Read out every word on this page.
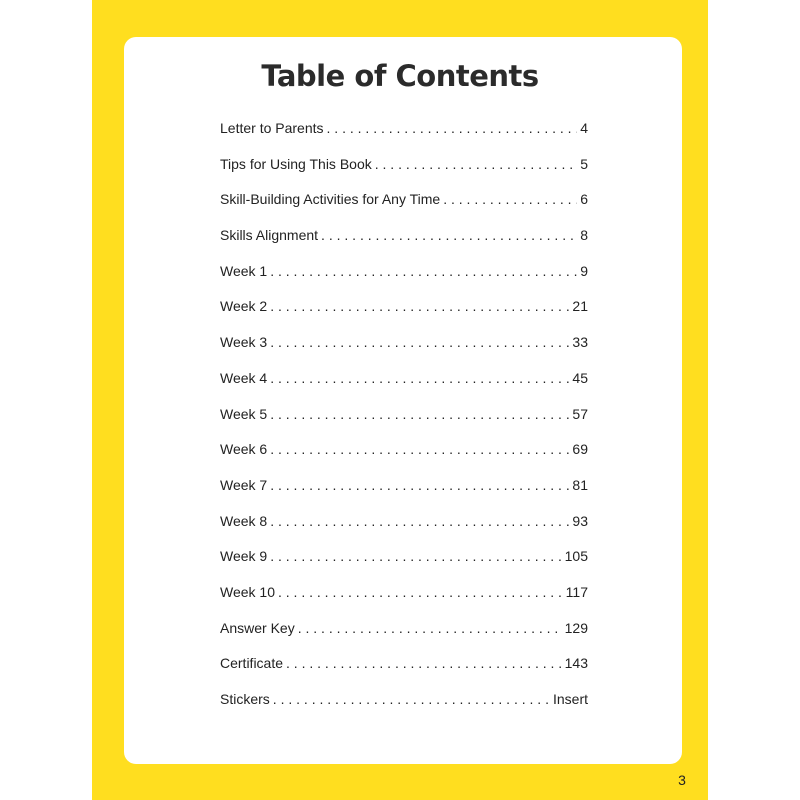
Table of Contents
Letter to Parents . . .	4
Tips for Using This Book . . .	5
Skill-Building Activities for Any Time . . .	6
Skills Alignment . . .	8
Week 1 . . .	9
Week 2 . . .	21
Week 3 . . .	33
Week 4 . . .	45
Week 5 . . .	57
Week 6 . . .	69
Week 7 . . .	81
Week 8 . . .	93
Week 9 . . .	105
Week 10 . . .	117
Answer Key . . .	129
Certificate . . .	143
Stickers . . .	Insert
3
